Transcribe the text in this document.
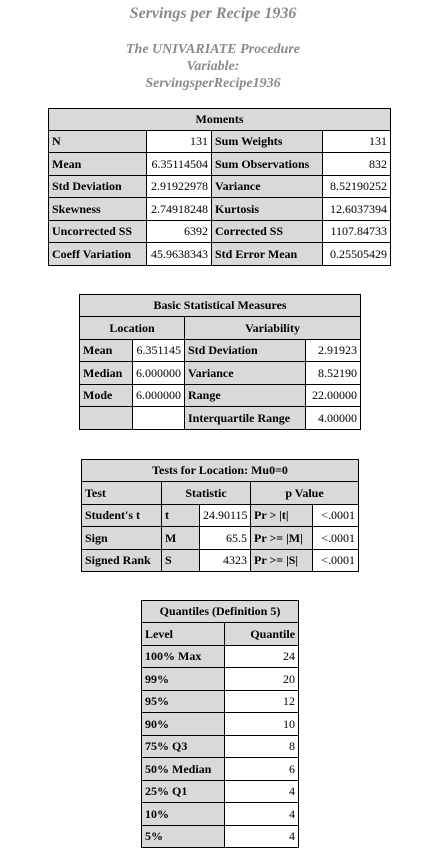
Servings per Recipe 1936
The UNIVARIATE Procedure
Variable:
ServingsperRecipe1936
Moments			
N	131	Sum Weights	131
Mean	6.35114504	Sum Observations	832
Std Deviation	2.91922978	Variance	8.52190252
Skewness	2.74918248	Kurtosis	12.6037394
Uncorrected SS	6392	Corrected SS	1107.84733
Coeff Variation	45.9638343	Std Error Mean	0.25505429
Basic Statistical Measures			
Location		Variability	
Mean	6.351145	Std Deviation	2.91923
Median	6.000000	Variance	8.52190
Mode	6.000000	Range	22.00000
		Interquartile Range	4.00000
Tests for Location: Mu0=0				
Test	Statistic		p Value	
Student's t	t	24.90115	Pr > |t|	<.0001
Sign	M	65.5	Pr >= |M|	<.0001
Signed Rank	S	4323	Pr >= |S|	<.0001
Quantiles (Definition 5)	
Level	Quantile
100% Max	24
99%	20
95%	12
90%	10
75% Q3	8
50% Median	6
25% Q1	4
10%	4
5%	4
